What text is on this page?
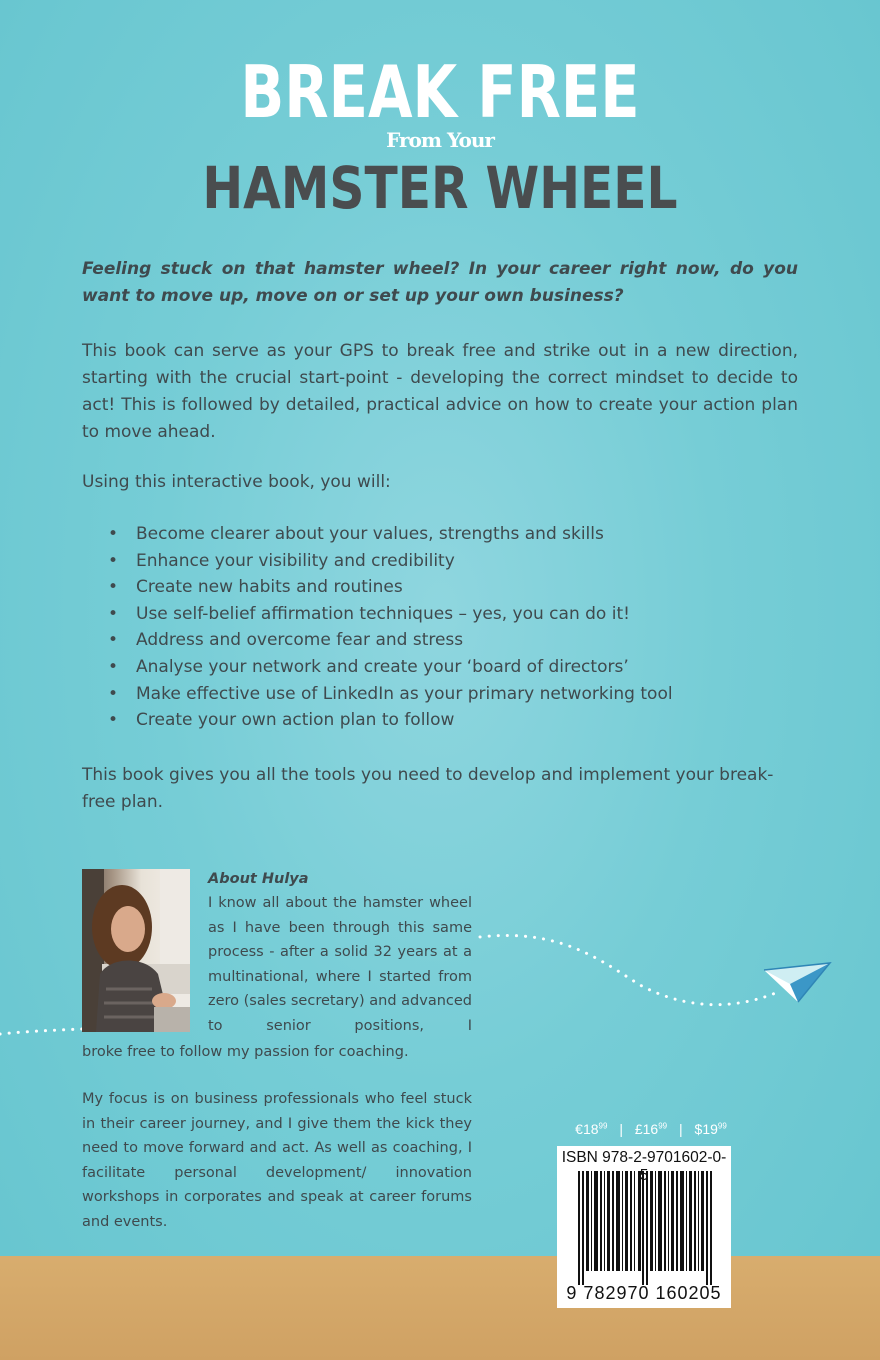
BREAK FREE
From Your
HAMSTER WHEEL
Feeling stuck on that hamster wheel? In your career right now, do you want to move up, move on or set up your own business?
This book can serve as your GPS to break free and strike out in a new direction, starting with the crucial start-point - developing the correct mindset to decide to act! This is followed by detailed, practical advice on how to create your action plan to move ahead.
Using this interactive book, you will:
• Become clearer about your values, strengths and skills
• Enhance your visibility and credibility
• Create new habits and routines
• Use self-belief affirmation techniques – yes, you can do it!
• Address and overcome fear and stress
• Analyse your network and create your ‘board of directors’
• Make effective use of LinkedIn as your primary networking tool
• Create your own action plan to follow
This book gives you all the tools you need to develop and implement your break-free plan.
About Hulya
I know all about the hamster wheel as I have been through this same process - after a solid 32 years at a multinational, where I started from zero (sales secretary) and advanced to senior positions, I
broke free to follow my passion for coaching.
My focus is on business professionals who feel stuck in their career journey, and I give them the kick they need to move forward and act. As well as coaching, I facilitate personal development/ innovation workshops in corporates and speak at career forums and events.
$€18^{99}$ | $£16^{99}$ | $\$19^{99}$
ISBN 978-2-9701602-0-
9 782970 160205
